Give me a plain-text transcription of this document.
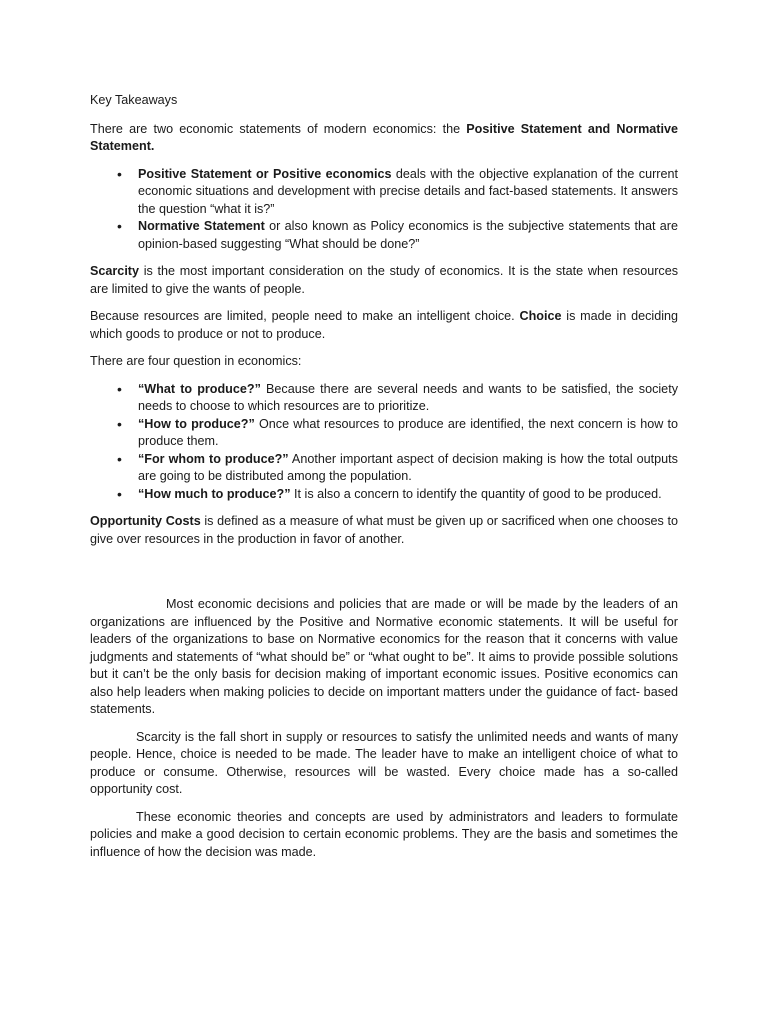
Key Takeaways

There are two economic statements of modern economics: the Positive Statement and Normative Statement.

• Positive Statement or Positive economics deals with the objective explanation of the current economic situations and development with precise details and fact-based statements. It answers the question “what it is?”
• Normative Statement or also known as Policy economics is the subjective statements that are opinion-based suggesting “What should be done?”

Scarcity is the most important consideration on the study of economics. It is the state when resources are limited to give the wants of people.

Because resources are limited, people need to make an intelligent choice. Choice is made in deciding which goods to produce or not to produce.

There are four question in economics:

• “What to produce?” Because there are several needs and wants to be satisfied, the society needs to choose to which resources are to prioritize.
• “How to produce?” Once what resources to produce are identified, the next concern is how to produce them.
• “For whom to produce?” Another important aspect of decision making is how the total outputs are going to be distributed among the population.
• “How much to produce?” It is also a concern to identify the quantity of good to be produced.

Opportunity Costs is defined as a measure of what must be given up or sacrificed when one chooses to give over resources in the production in favor of another.

Most economic decisions and policies that are made or will be made by the leaders of an organizations are influenced by the Positive and Normative economic statements. It will be useful for leaders of the organizations to base on Normative economics for the reason that it concerns with value judgments and statements of “what should be” or “what ought to be”. It aims to provide possible solutions but it can’t be the only basis for decision making of important economic issues. Positive economics can also help leaders when making policies to decide on important matters under the guidance of fact- based statements.

Scarcity is the fall short in supply or resources to satisfy the unlimited needs and wants of many people. Hence, choice is needed to be made. The leader have to make an intelligent choice of what to produce or consume. Otherwise, resources will be wasted. Every choice made has a so-called opportunity cost.

These economic theories and concepts are used by administrators and leaders to formulate policies and make a good decision to certain economic problems. They are the basis and sometimes the influence of how the decision was made.
